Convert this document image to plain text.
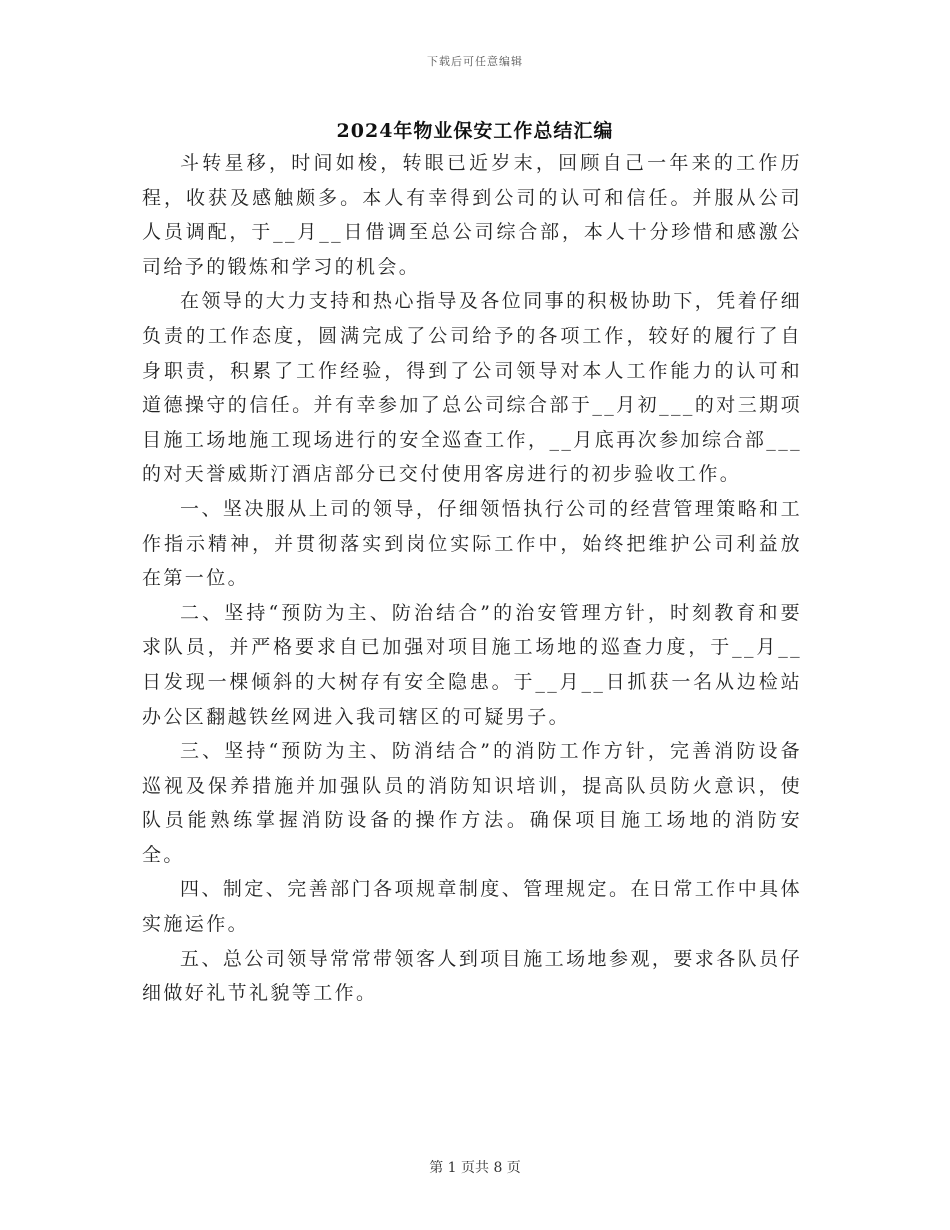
下载后可任意编辑
2024年物业保安工作总结汇编

斗转星移，时间如梭，转眼已近岁末，回顾自己一年来的工作历程，收获及感触颇多。本人有幸得到公司的认可和信任。并服从公司人员调配，于__月__日借调至总公司综合部，本人十分珍惜和感激公司给予的锻炼和学习的机会。

在领导的大力支持和热心指导及各位同事的积极协助下，凭着仔细负责的工作态度，圆满完成了公司给予的各项工作，较好的履行了自身职责，积累了工作经验，得到了公司领导对本人工作能力的认可和道德操守的信任。并有幸参加了总公司综合部于__月初___的对三期项目施工场地施工现场进行的安全巡查工作，__月底再次参加综合部___的对天誉威斯汀酒店部分已交付使用客房进行的初步验收工作。

一、坚决服从上司的领导，仔细领悟执行公司的经营管理策略和工作指示精神，并贯彻落实到岗位实际工作中，始终把维护公司利益放在第一位。

二、坚持“预防为主、防治结合”的治安管理方针，时刻教育和要求队员，并严格要求自已加强对项目施工场地的巡查力度，于__月__日发现一棵倾斜的大树存有安全隐患。于__月__日抓获一名从边检站办公区翻越铁丝网进入我司辖区的可疑男子。

三、坚持“预防为主、防消结合”的消防工作方针，完善消防设备巡视及保养措施并加强队员的消防知识培训，提高队员防火意识，使队员能熟练掌握消防设备的操作方法。确保项目施工场地的消防安全。

四、制定、完善部门各项规章制度、管理规定。在日常工作中具体实施运作。

五、总公司领导常常带领客人到项目施工场地参观，要求各队员仔细做好礼节礼貌等工作。

第 1 页共 8 页
